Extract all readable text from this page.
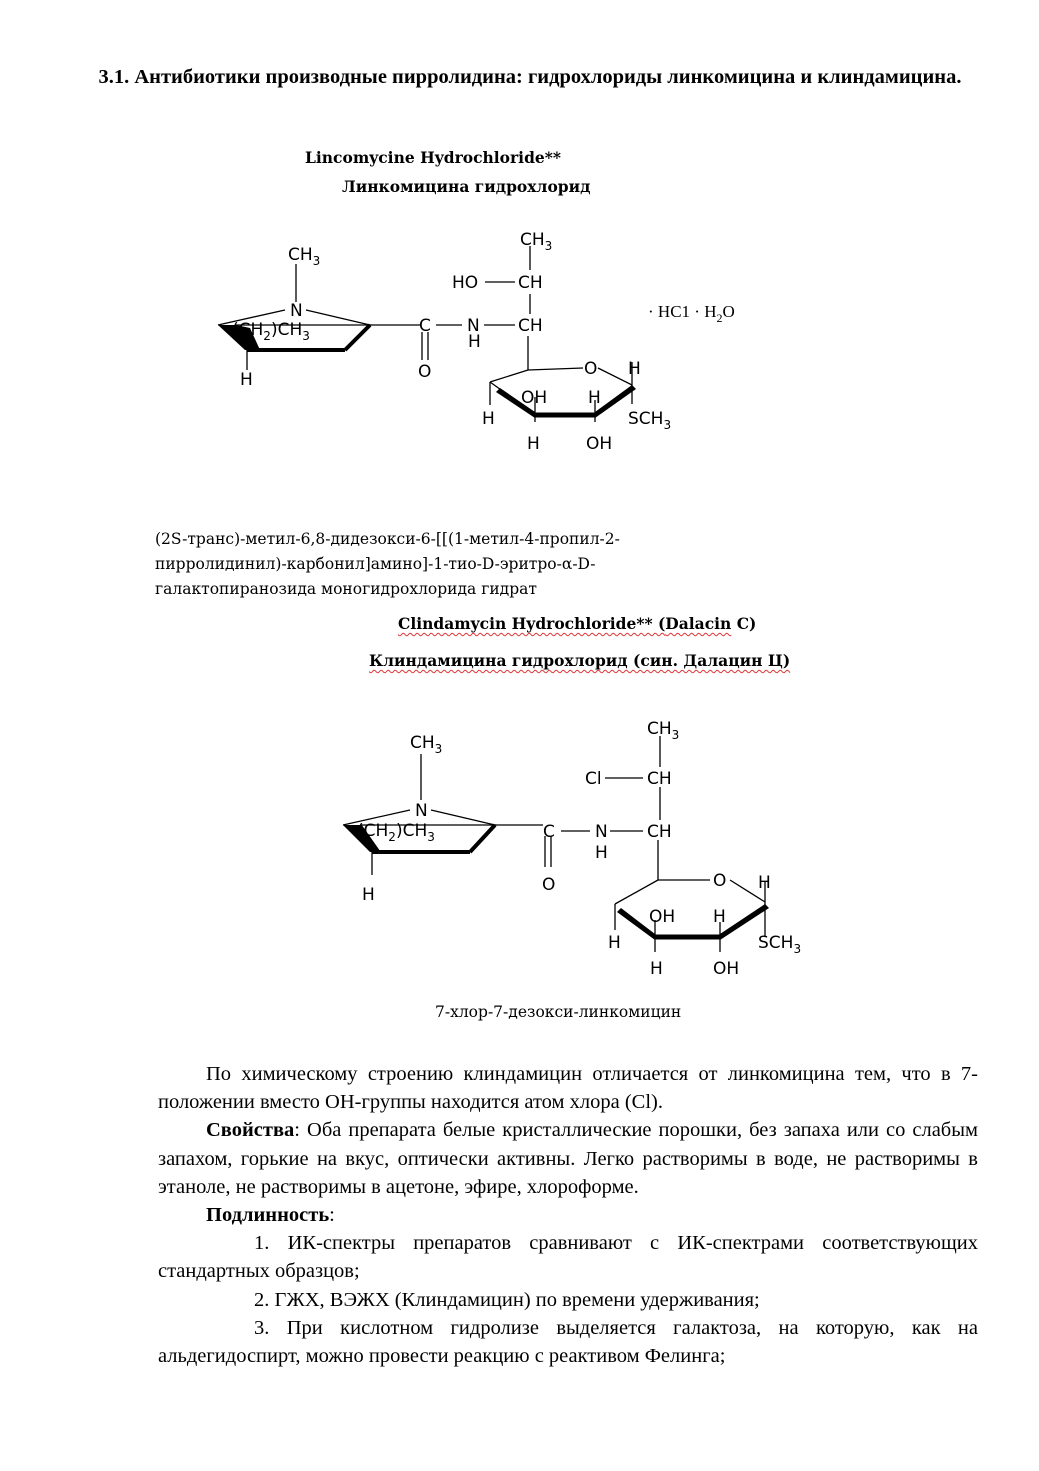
3.1. Антибиотики производные пирролидина: гидрохлориды линкомицина и клиндамицина.
Lincomycine Hydrochloride**
Линкомицина гидрохлорид
$CH_3$
N
$(CH_2)CH_3$
H
C
O
N
H
$CH_3$
HO CH
CH
O H
OH H
H	$SCH_3$
H	OH
· $HC1 \cdot H_2O$
(2S-транс)-метил-6,8-дидезокси-6-[[(1-метил-4-пропил-2-
пирролидинил)-карбонил]амино]-1-тио-D-эритро-α-D-
галактопиранозида моногидрохлорида гидрат
Clindamycin Hydrochloride** (Dalacin C)
Клиндамицина гидрохлорид (син. Далацин Ц)
$CH_3$
N
$(CH_2)CH_3$
H
C
O
N
H
$CH_3$
Cl	CH
CH
O H
OH H
H	$SCH_3$
H	OH
7-хлор-7-дезокси-линкомицин

По химическому строению клиндамицин отличается от линкомицина тем, что в 7-положении вместо ОН-группы находится атом хлора (Cl).

Свойства: Оба препарата белые кристаллические порошки, без запаха или со слабым запахом, горькие на вкус, оптически активны. Легко растворимы в воде, не растворимы в этаноле, не растворимы в ацетоне, эфире, хлороформе.

Подлинность:

1. ИК-спектры препаратов сравнивают с ИК-спектрами соответствующих стандартных образцов;

2. ГЖХ, ВЭЖХ (Клиндамицин) по времени удерживания;

3. При кислотном гидролизе выделяется галактоза, на которую, как на альдегидоспирт, можно провести реакцию с реактивом Фелинга;
